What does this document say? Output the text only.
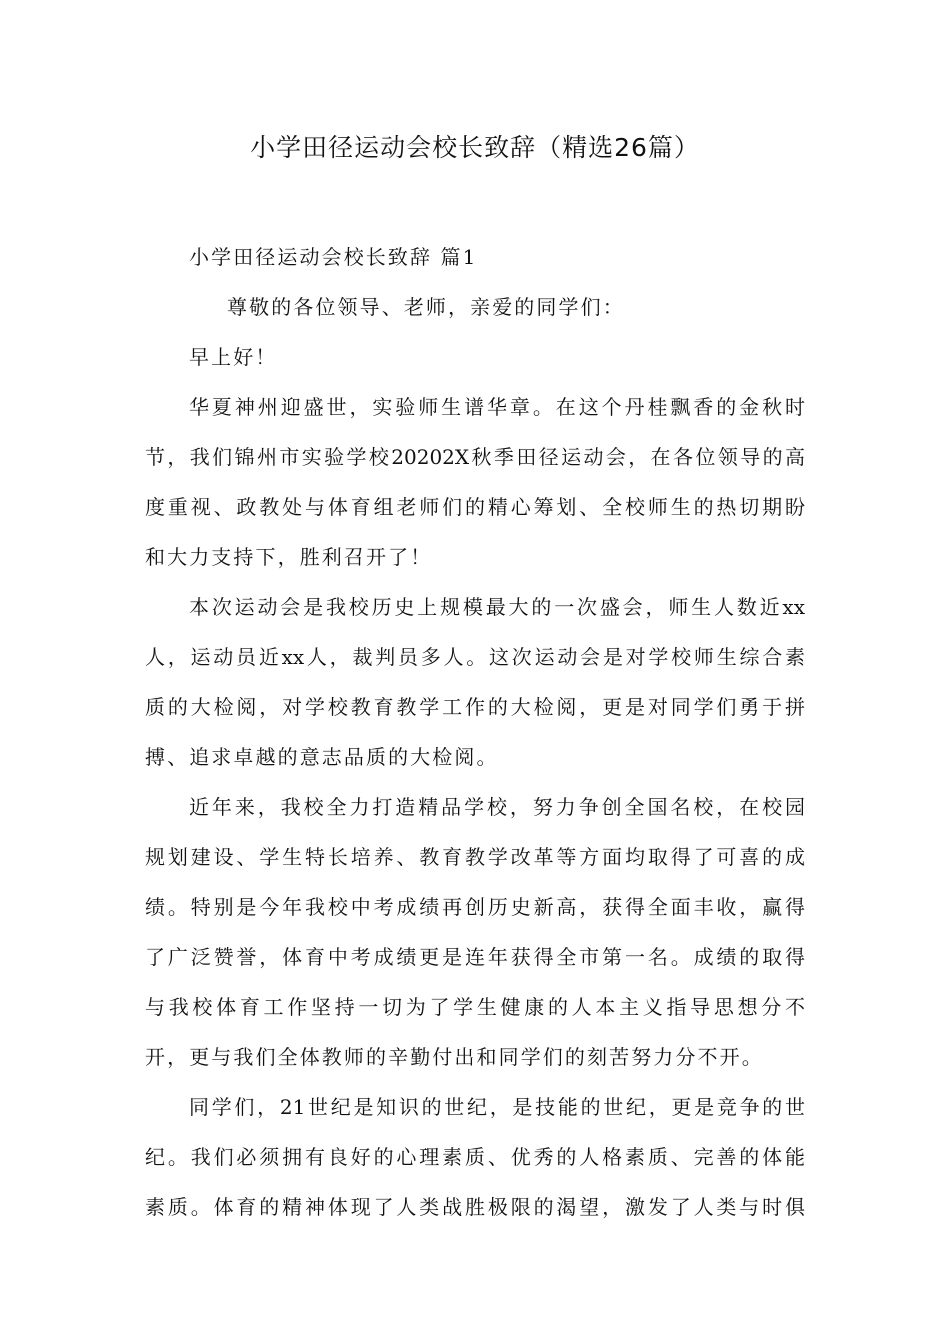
小学田径运动会校长致辞（精选26篇）

小学田径运动会校长致辞 篇1

尊敬的各位领导、老师，亲爱的同学们：

早上好！

华夏神州迎盛世，实验师生谱华章。在这个丹桂飘香的金秋时

节，我们锦州市实验学校20202X秋季田径运动会，在各位领导的高

度重视、政教处与体育组老师们的精心筹划、全校师生的热切期盼

和大力支持下，胜利召开了！

本次运动会是我校历史上规模最大的一次盛会，师生人数近xx

人，运动员近xx人，裁判员多人。这次运动会是对学校师生综合素

质的大检阅，对学校教育教学工作的大检阅，更是对同学们勇于拼

搏、追求卓越的意志品质的大检阅。

近年来，我校全力打造精品学校，努力争创全国名校，在校园

规划建设、学生特长培养、教育教学改革等方面均取得了可喜的成

绩。特别是今年我校中考成绩再创历史新高，获得全面丰收，赢得

了广泛赞誉，体育中考成绩更是连年获得全市第一名。成绩的取得

与我校体育工作坚持一切为了学生健康的人本主义指导思想分不

开，更与我们全体教师的辛勤付出和同学们的刻苦努力分不开。

同学们，21世纪是知识的世纪，是技能的世纪，更是竞争的世

纪。我们必须拥有良好的心理素质、优秀的人格素质、完善的体能

素质。体育的精神体现了人类战胜极限的渴望，激发了人类与时俱
